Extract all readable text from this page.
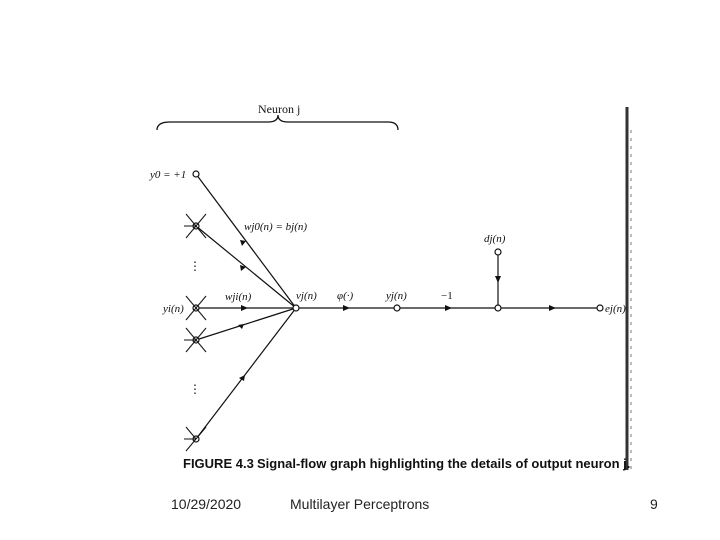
Neuron j
y0 = +1
wj0(n) = bj(n)
⋮
yi(n)
wji(n)
⋮
vj(n) φ(·)	yj(n)	−1
dj(n)
ej(n)
FIGURE 4.3 Signal-flow graph highlighting the details of output neuron j.
10/29/2020	Multilayer Perceptrons	9
